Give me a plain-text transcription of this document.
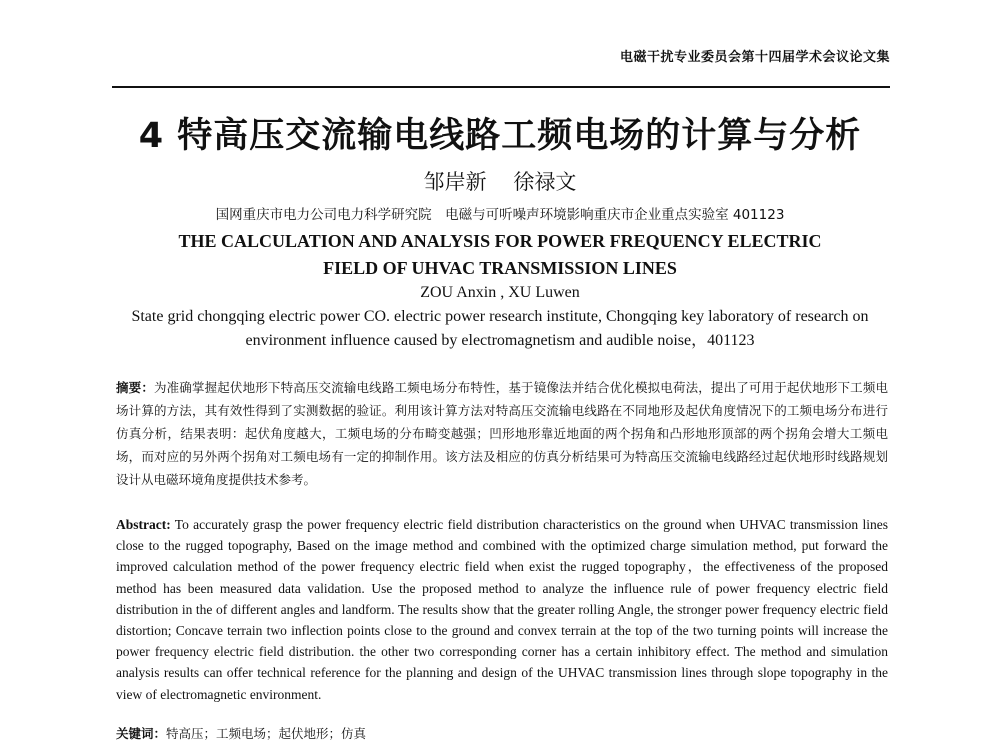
电磁干扰专业委员会第十四届学术会议论文集
4 特高压交流输电线路工频电场的计算与分析
邹岸新 徐禄文
国网重庆市电力公司电力科学研究院　电磁与可听噪声环境影响重庆市企业重点实验室 401123
THE CALCULATION AND ANALYSIS FOR POWER FREQUENCY ELECTRIC
FIELD OF UHVAC TRANSMISSION LINES
ZOU Anxin , XU Luwen
State grid chongqing electric power CO. electric power research institute, Chongqing key laboratory of research on environment influence caused by electromagnetism and audible noise，401123

摘要：为准确掌握起伏地形下特高压交流输电线路工频电场分布特性，基于镜像法并结合优化模拟电荷法，提出了可用于起伏地形下工频电场计算的方法，其有效性得到了实测数据的验证。利用该计算方法对特高压交流输电线路在不同地形及起伏角度情况下的工频电场分布进行仿真分析，结果表明：起伏角度越大，工频电场的分布畸变越强；凹形地形靠近地面的两个拐角和凸形地形顶部的两个拐角会增大工频电场，而对应的另外两个拐角对工频电场有一定的抑制作用。该方法及相应的仿真分析结果可为特高压交流输电线路经过起伏地形时线路规划设计从电磁环境角度提供技术参考。

Abstract: To accurately grasp the power frequency electric field distribution characteristics on the ground when UHVAC transmission lines close to the rugged topography, Based on the image method and combined with the optimized charge simulation method, put forward the improved calculation method of the power frequency electric field when exist the rugged topography，the effectiveness of the proposed method has been measured data validation. Use the proposed method to analyze the influence rule of power frequency electric field distribution in the of different angles and landform. The results show that the greater rolling Angle, the stronger power frequency electric field distortion; Concave terrain two inflection points close to the ground and convex terrain at the top of the two turning points will increase the power frequency electric field distribution. the other two corresponding corner has a certain inhibitory effect. The method and simulation analysis results can offer technical reference for the planning and design of the UHVAC transmission lines through slope topography in the view of electromagnetic environment.

关键词：特高压；工频电场；起伏地形；仿真
